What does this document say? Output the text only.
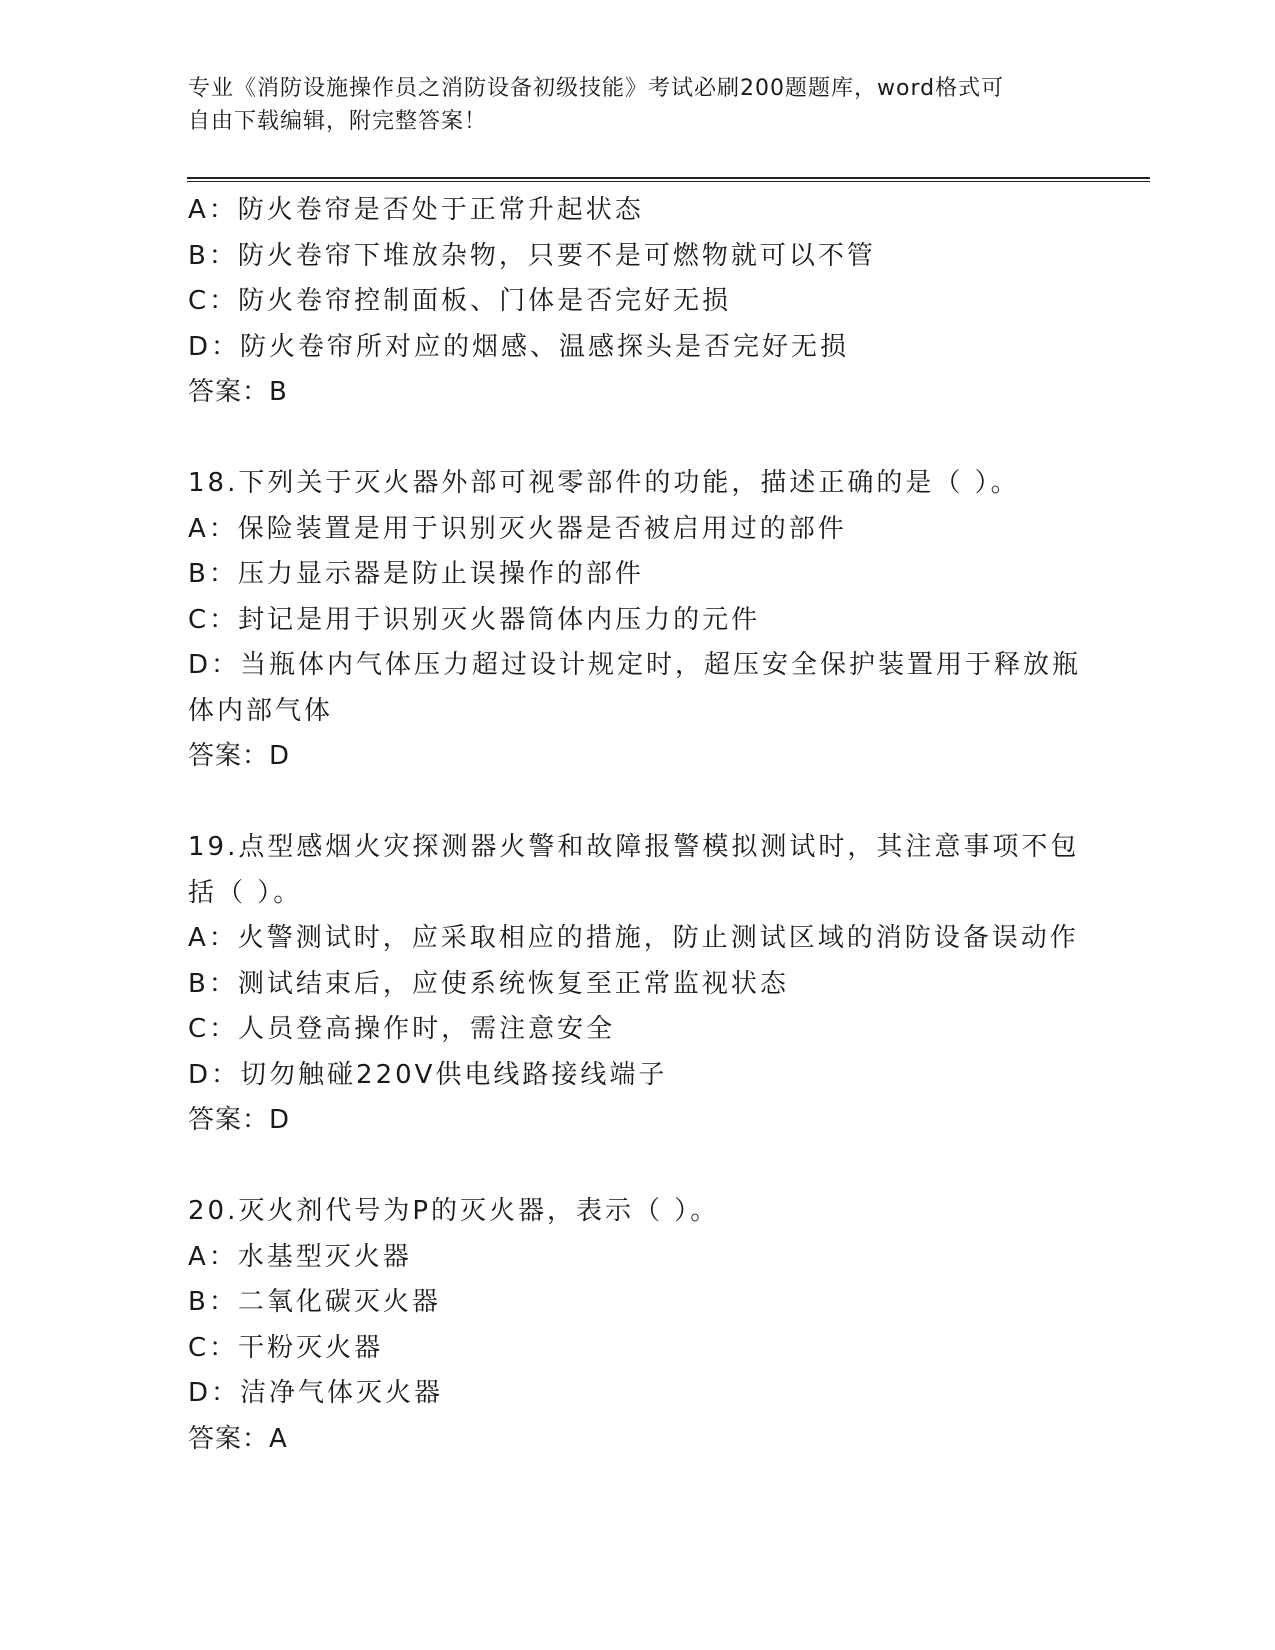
专业《消防设施操作员之消防设备初级技能》考试必刷200题题库，word格式可
自由下载编辑，附完整答案！
A：防火卷帘是否处于正常升起状态
B：防火卷帘下堆放杂物，只要不是可燃物就可以不管
C：防火卷帘控制面板、门体是否完好无损
D：防火卷帘所对应的烟感、温感探头是否完好无损
答案：B
18.下列关于灭火器外部可视零部件的功能，描述正确的是（ ）。
A：保险装置是用于识别灭火器是否被启用过的部件
B：压力显示器是防止误操作的部件
C：封记是用于识别灭火器筒体内压力的元件
D：当瓶体内气体压力超过设计规定时，超压安全保护装置用于释放瓶
体内部气体
答案：D
19.点型感烟火灾探测器火警和故障报警模拟测试时，其注意事项不包
括（ ）。
A：火警测试时，应采取相应的措施，防止测试区域的消防设备误动作
B：测试结束后，应使系统恢复至正常监视状态
C：人员登高操作时，需注意安全
D：切勿触碰220V供电线路接线端子
答案：D
20.灭火剂代号为P的灭火器，表示（ ）。
A：水基型灭火器
B：二氧化碳灭火器
C：干粉灭火器
D：洁净气体灭火器
答案：A
